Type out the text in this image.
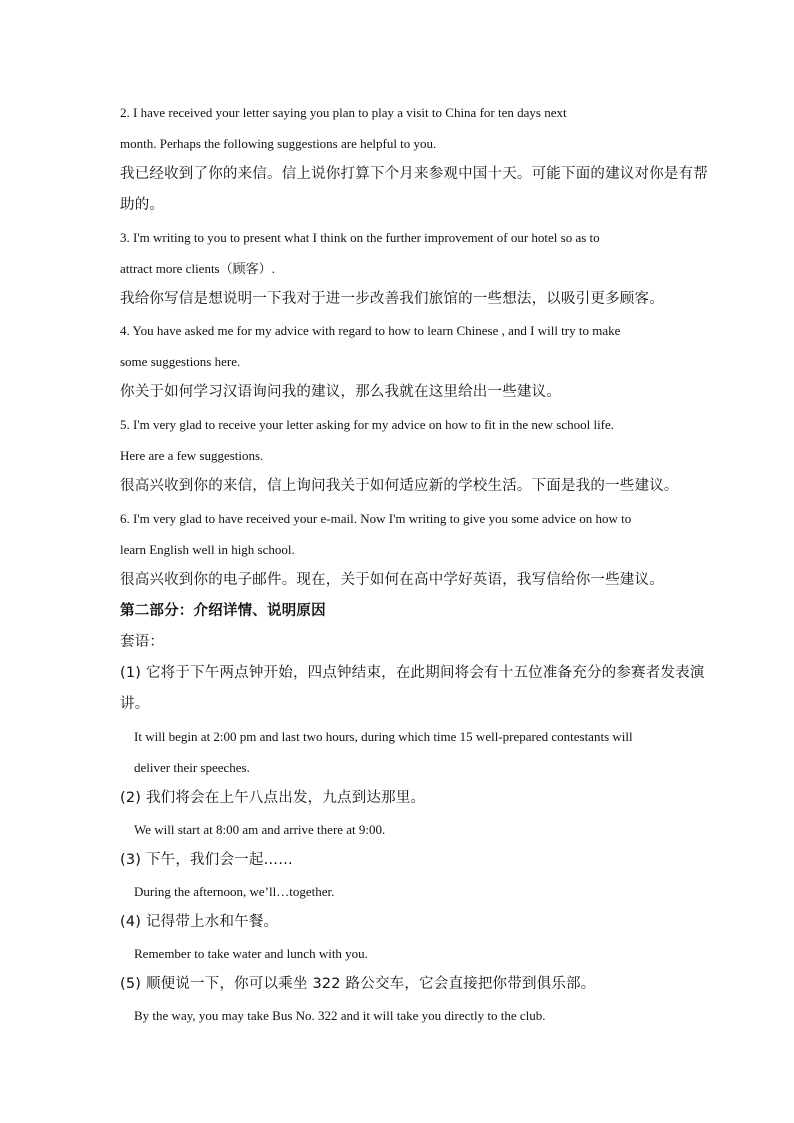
2. I have received your letter saying you plan to play a visit to China for ten days next
month. Perhaps the following suggestions are helpful to you.
我已经收到了你的来信。信上说你打算下个月来参观中国十天。可能下面的建议对你是有帮
助的。
3. I'm writing to you to present what I think on the further improvement of our hotel so as to
attract more clients（顾客）.
我给你写信是想说明一下我对于进一步改善我们旅馆的一些想法，以吸引更多顾客。
4. You have asked me for my advice with regard to how to learn Chinese , and I will try to make
some suggestions here.
你关于如何学习汉语询问我的建议，那么我就在这里给出一些建议。
5. I'm very glad to receive your letter asking for my advice on how to fit in the new school life.
Here are a few suggestions.
很高兴收到你的来信，信上询问我关于如何适应新的学校生活。下面是我的一些建议。
6. I'm very glad to have received your e-mail. Now I'm writing to give you some advice on how to
learn English well in high school.
很高兴收到你的电子邮件。现在，关于如何在高中学好英语，我写信给你一些建议。
第二部分：介绍详情、说明原因
套语：
(1) 它将于下午两点钟开始，四点钟结束，在此期间将会有十五位准备充分的参赛者发表演
讲。
It will begin at 2:00 pm and last two hours, during which time 15 well-prepared contestants will
deliver their speeches.
(2) 我们将会在上午八点出发，九点到达那里。
We will start at 8:00 am and arrive there at 9:00.
(3) 下午，我们会一起……
During the afternoon, we’ll…together.
(4) 记得带上水和午餐。
Remember to take water and lunch with you.
(5) 顺便说一下，你可以乘坐 322 路公交车，它会直接把你带到俱乐部。
By the way, you may take Bus No. 322 and it will take you directly to the club.
